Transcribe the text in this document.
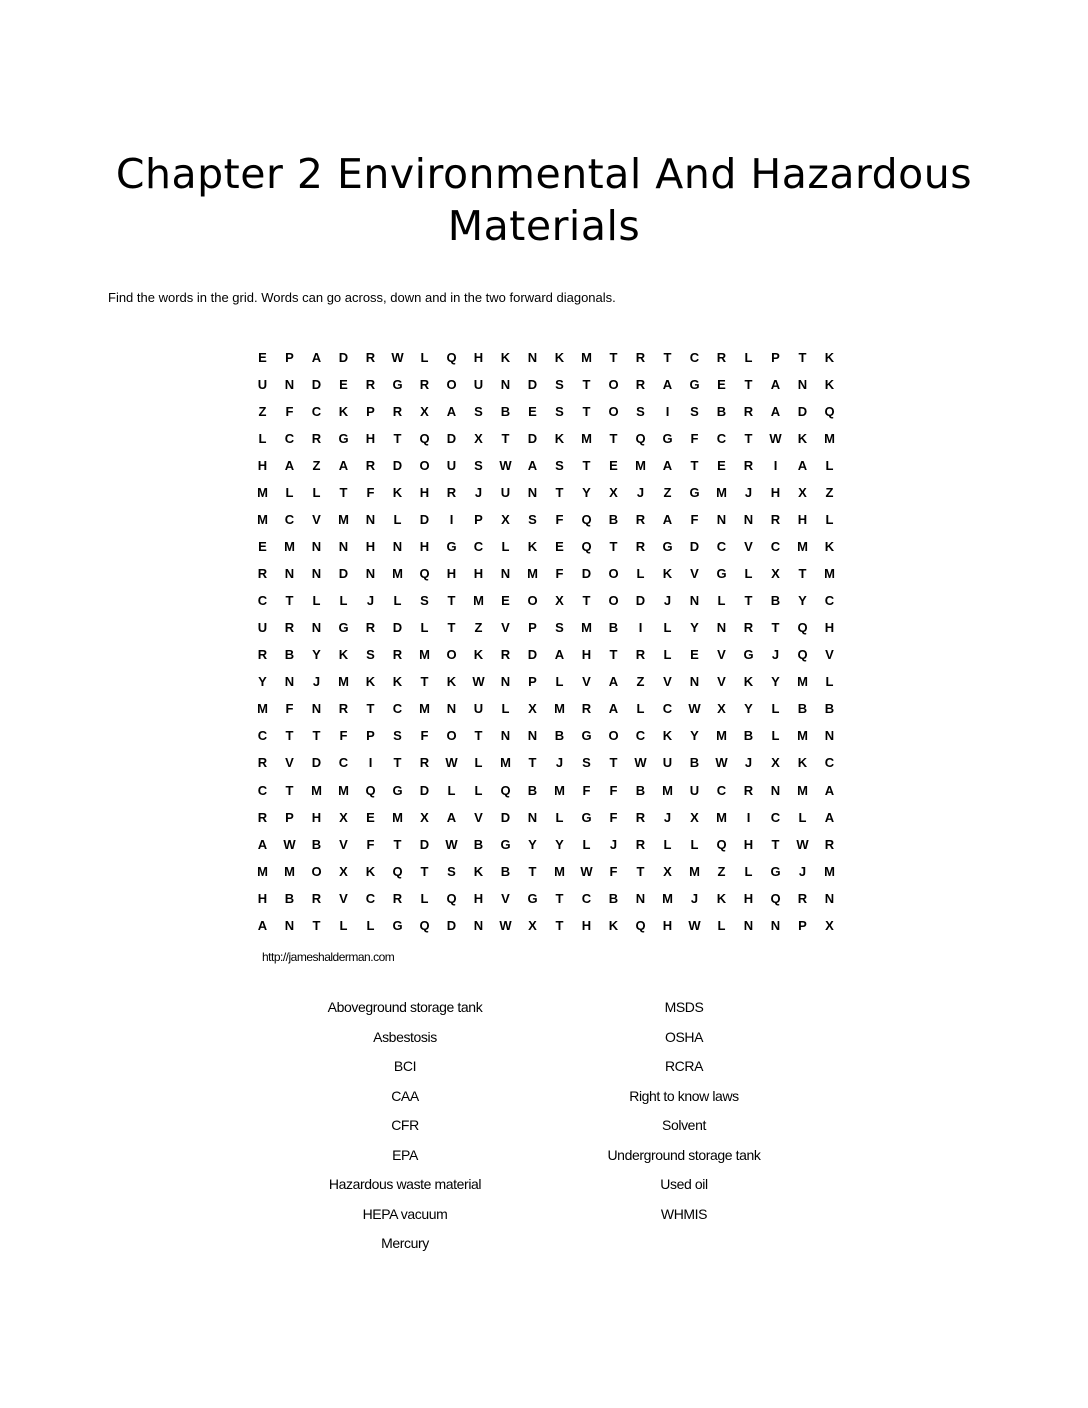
Chapter 2 Environmental And Hazardous Materials
Find the words in the grid. Words can go across, down and in the two forward diagonals.
E	P	A	D	R	W	L	Q	H	K	N	K	M	T	R	T	C	R	L	P	T	K
U	N	D	E	R	G	R	O	U	N	D	S	T	O	R	A	G	E	T	A	N	K
Z	F	C	K	P	R	X	A	S	B	E	S	T	O	S	I	S	B	R	A	D	Q
L	C	R	G	H	T	Q	D	X	T	D	K	M	T	Q	G	F	C	T	W	K	M
H	A	Z	A	R	D	O	U	S	W	A	S	T	E	M	A	T	E	R	I	A	L
M	L	L	T	F	K	H	R	J	U	N	T	Y	X	J	Z	G	M	J	H	X	Z
M	C	V	M	N	L	D	I	P	X	S	F	Q	B	R	A	F	N	N	R	H	L
E	M	N	N	H	N	H	G	C	L	K	E	Q	T	R	G	D	C	V	C	M	K
R	N	N	D	N	M	Q	H	H	N	M	F	D	O	L	K	V	G	L	X	T	M
C	T	L	L	J	L	S	T	M	E	O	X	T	O	D	J	N	L	T	B	Y	C
U	R	N	G	R	D	L	T	Z	V	P	S	M	B	I	L	Y	N	R	T	Q	H
R	B	Y	K	S	R	M	O	K	R	D	A	H	T	R	L	E	V	G	J	Q	V
Y	N	J	M	K	K	T	K	W	N	P	L	V	A	Z	V	N	V	K	Y	M	L
M	F	N	R	T	C	M	N	U	L	X	M	R	A	L	C	W	X	Y	L	B	B
C	T	T	F	P	S	F	O	T	N	N	B	G	O	C	K	Y	M	B	L	M	N
R	V	D	C	I	T	R	W	L	M	T	J	S	T	W	U	B	W	J	X	K	C
C	T	M	M	Q	G	D	L	L	Q	B	M	F	F	B	M	U	C	R	N	M	A
R	P	H	X	E	M	X	A	V	D	N	L	G	F	R	J	X	M	I	C	L	A
A	W	B	V	F	T	D	W	B	G	Y	Y	L	J	R	L	L	Q	H	T	W	R
M	M	O	X	K	Q	T	S	K	B	T	M	W	F	T	X	M	Z	L	G	J	M
H	B	R	V	C	R	L	Q	H	V	G	T	C	B	N	M	J	K	H	Q	R	N
A	N	T	L	L	G	Q	D	N	W	X	T	H	K	Q	H	W	L	N	N	P	X
http://jameshalderman.com
Aboveground storage tank
Asbestosis
BCI
CAA
CFR
EPA
Hazardous waste material
HEPA vacuum
Mercury
MSDS
OSHA
RCRA
Right to know laws
Solvent
Underground storage tank
Used oil
WHMIS
